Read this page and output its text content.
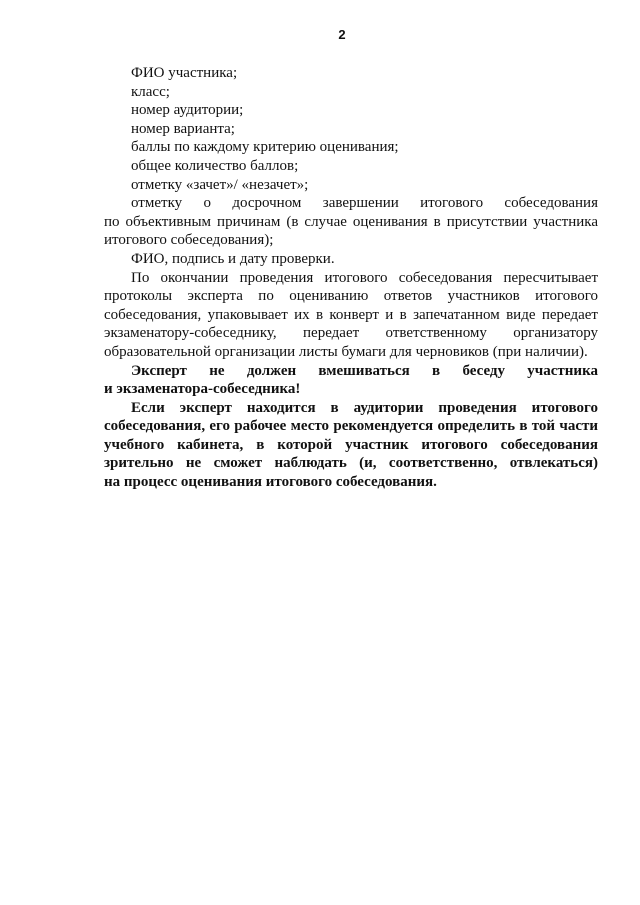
2
ФИО участника;
класс;
номер аудитории;
номер варианта;
баллы по каждому критерию оценивания;
общее количество баллов;
отметку «зачет»/ «незачет»;
отметку о досрочном завершении итогового собеседования
по объективным причинам (в случае оценивания в присутствии участника
итогового собеседования);
ФИО, подпись и дату проверки.
По окончании проведения итогового собеседования пересчитывает
протоколы эксперта по оцениванию ответов участников итогового
собеседования, упаковывает их в конверт и в запечатанном виде передает
экзаменатору-собеседнику, передает ответственному организатору
образовательной организации листы бумаги для черновиков (при наличии).
Эксперт не должен вмешиваться в беседу участника
и экзаменатора-собеседника!
Если эксперт находится в аудитории проведения итогового
собеседования, его рабочее место рекомендуется определить в той части
учебного кабинета, в которой участник итогового собеседования
зрительно не сможет наблюдать (и, соответственно, отвлекаться)
на процесс оценивания итогового собеседования.
